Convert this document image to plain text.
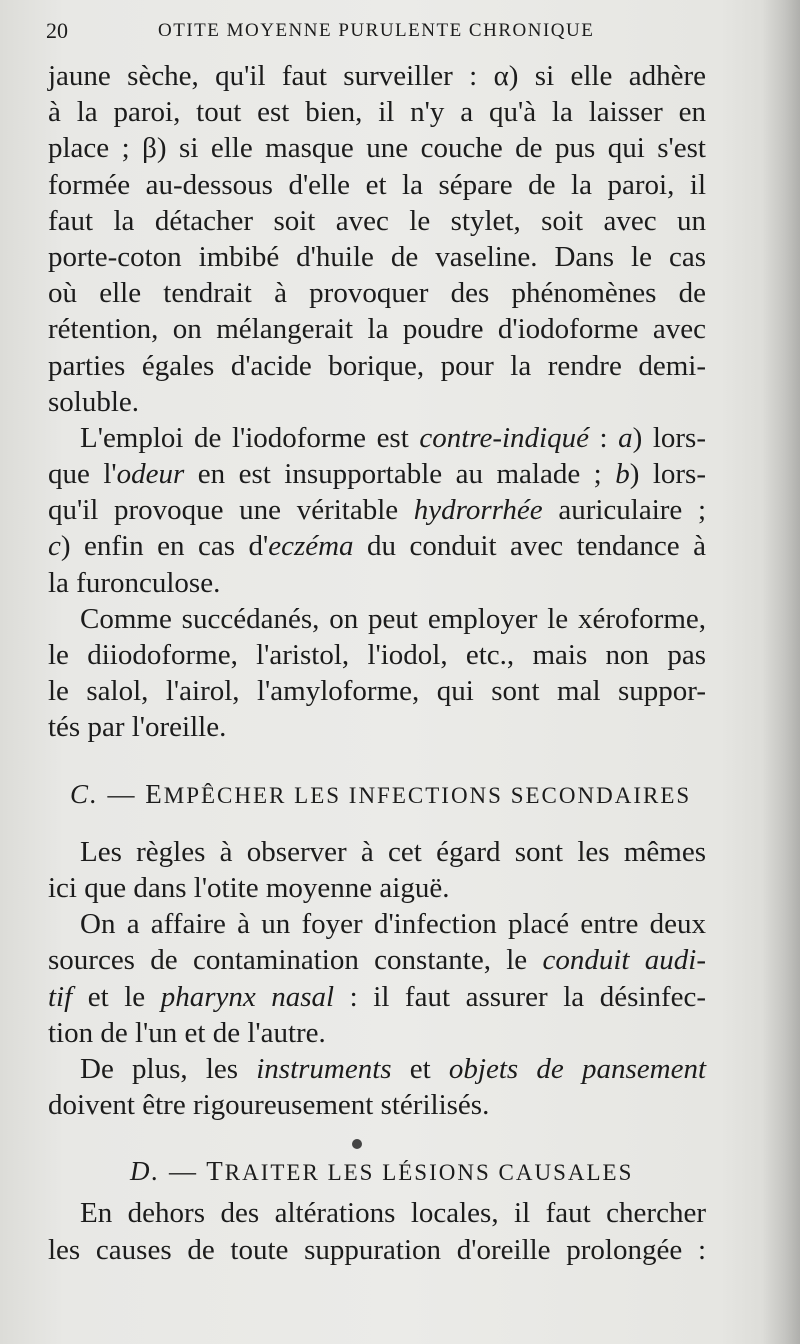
20	OTITE MOYENNE PURULENTE CHRONIQUE
jaune sèche, qu'il faut surveiller : α) si elle adhère
à la paroi, tout est bien, il n'y a qu'à la laisser en
place ; β) si elle masque une couche de pus qui s'est
formée au-dessous d'elle et la sépare de la paroi, il
faut la détacher soit avec le stylet, soit avec un
porte-coton imbibé d'huile de vaseline. Dans le cas
où elle tendrait à provoquer des phénomènes de
rétention, on mélangerait la poudre d'iodoforme avec
parties égales d'acide borique, pour la rendre demi-
soluble.
L'emploi de l'iodoforme est contre-indiqué : a) lors-
que l'odeur en est insupportable au malade ; b) lors-
qu'il provoque une véritable hydrorrhée auriculaire ;
c) enfin en cas d'eczéma du conduit avec tendance à
la furonculose.
Comme succédanés, on peut employer le xéroforme,
le diiodoforme, l'aristol, l'iodol, etc., mais non pas
le salol, l'airol, l'amyloforme, qui sont mal suppor-
tés par l'oreille.
C. — EMPÊCHER LES INFECTIONS SECONDAIRES
Les règles à observer à cet égard sont les mêmes
ici que dans l'otite moyenne aiguë.
On a affaire à un foyer d'infection placé entre deux
sources de contamination constante, le conduit audi-
tif et le pharynx nasal : il faut assurer la désinfec-
tion de l'un et de l'autre.
De plus, les instruments et objets de pansement
doivent être rigoureusement stérilisés.
D. — TRAITER LES LÉSIONS CAUSALES
En dehors des altérations locales, il faut chercher
les causes de toute suppuration d'oreille prolongée :
